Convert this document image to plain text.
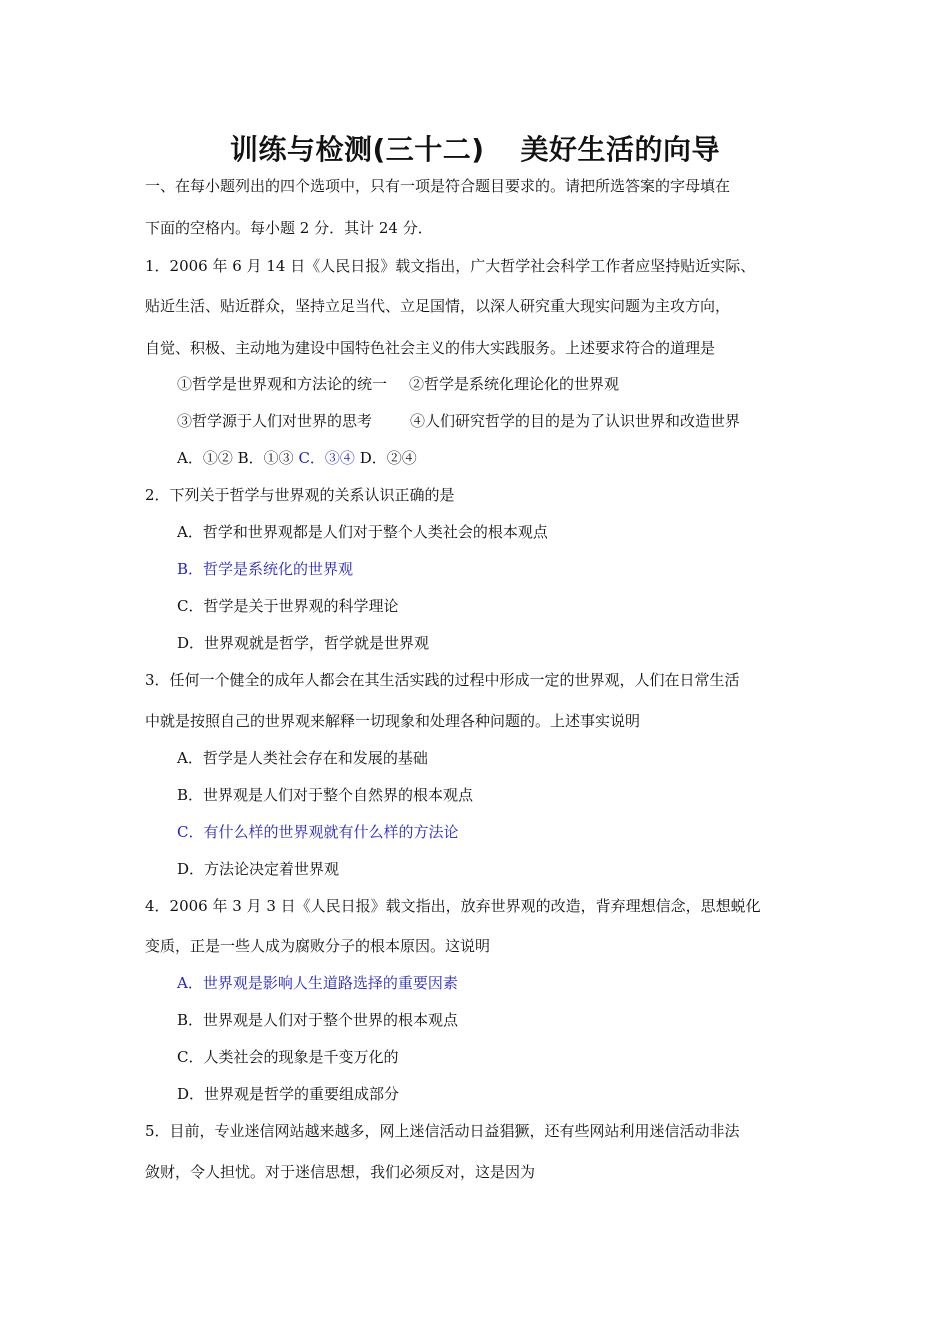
训练与检测(三十二) 美好生活的向导
一、在每小题列出的四个选项中，只有一项是符合题目要求的。请把所选答案的字母填在
下面的空格内。每小题 2 分．其计 24 分．
1．2006 年 6 月 14 日《人民日报》载文指出，广大哲学社会科学工作者应坚持贴近实际、
贴近生活、贴近群众，坚持立足当代、立足国情，以深人研究重大现实问题为主攻方向，
自觉、积极、主动地为建设中国特色社会主义的伟大实践服务。上述要求符合的道理是
①哲学是世界观和方法论的统一 ②哲学是系统化理论化的世界观
③哲学源于人们对世界的思考	④人们研究哲学的目的是为了认识世界和改造世界
A．①② B．①③ C．③④ D．②④
2．下列关于哲学与世界观的关系认识正确的是
A．哲学和世界观都是人们对于整个人类社会的根本观点
B．哲学是系统化的世界观
C．哲学是关于世界观的科学理论
D．世界观就是哲学，哲学就是世界观
3．任何一个健全的成年人都会在其生活实践的过程中形成一定的世界观，人们在日常生活
中就是按照自己的世界观来解释一切现象和处理各种问题的。上述事实说明
A．哲学是人类社会存在和发展的基础
B．世界观是人们对于整个自然界的根本观点
C．有什么样的世界观就有什么样的方法论
D．方法论决定着世界观
4．2006 年 3 月 3 日《人民日报》载文指出，放弃世界观的改造，背弃理想信念，思想蜕化
变质，正是一些人成为腐败分子的根本原因。这说明
A．世界观是影响人生道路选择的重要因素
B．世界观是人们对于整个世界的根本观点
C．人类社会的现象是千变万化的
D．世界观是哲学的重要组成部分
5．目前，专业迷信网站越来越多，网上迷信活动日益猖獗，还有些网站利用迷信活动非法
敛财，令人担忧。对于迷信思想，我们必须反对，这是因为
